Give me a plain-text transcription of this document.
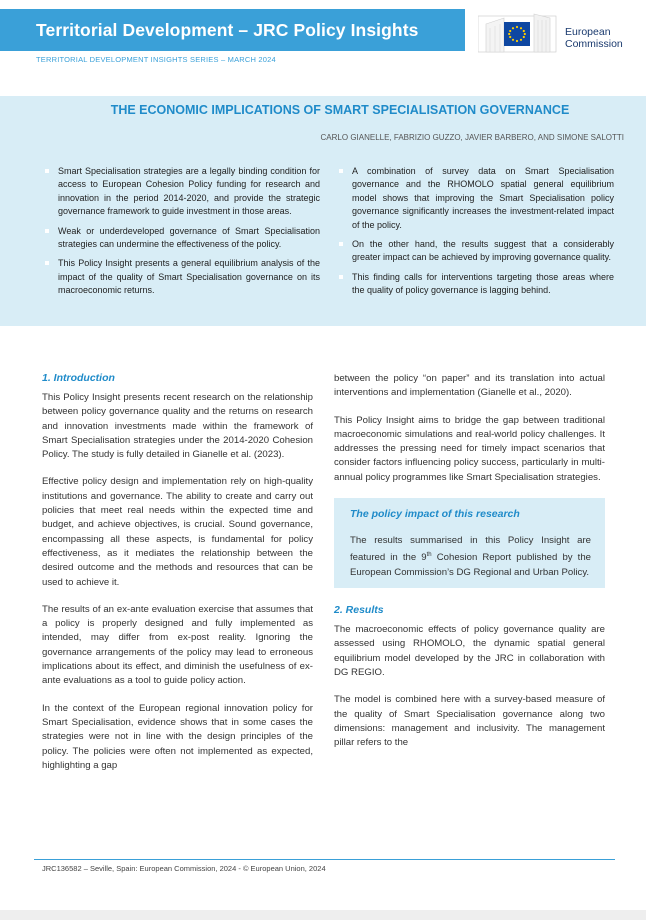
Territorial Development – JRC Policy Insights	European
Commission
TERRITORIAL DEVELOPMENT INSIGHTS SERIES – MARCH 2024
THE ECONOMIC IMPLICATIONS OF SMART SPECIALISATION GOVERNANCE
CARLO GIANELLE, FABRIZIO GUZZO, JAVIER BARBERO, AND SIMONE SALOTTI
Smart Specialisation strategies are a legally binding condition for access to European Cohesion Policy funding for research and innovation in the period 2014-2020, and provide the strategic governance framework to guide investment in those areas.
Weak or underdeveloped governance of Smart Specialisation strategies can undermine the effectiveness of the policy.
This Policy Insight presents a general equilibrium analysis of the impact of the quality of Smart Specialisation governance on its macroeconomic returns.
A combination of survey data on Smart Specialisation governance and the RHOMOLO spatial general equilibrium model shows that improving the Smart Specialisation policy governance significantly increases the investment-related impact of the policy.
On the other hand, the results suggest that a considerably greater impact can be achieved by improving governance quality.
This finding calls for interventions targeting those areas where the quality of policy governance is lagging behind.
1. Introduction

This Policy Insight presents recent research on the relationship between policy governance quality and the returns on research and innovation investments made within the framework of Smart Specialisation strategies under the 2014-2020 Cohesion Policy. The study is fully detailed in Gianelle et al. (2023).

Effective policy design and implementation rely on high-quality institutions and governance. The ability to create and carry out policies that meet real needs within the expected time and budget, and achieve objectives, is crucial. Sound governance, encompassing all these aspects, is fundamental for policy effectiveness, as it mediates the relationship between the desired outcome and the methods and resources that can be used to achieve it.

The results of an ex-ante evaluation exercise that assumes that a policy is properly designed and fully implemented as intended, may differ from ex-post reality. Ignoring the governance arrangements of the policy may lead to erroneous implications about its effect, and diminish the usefulness of ex-ante evaluations as a tool to guide policy action.

In the context of the European regional innovation policy for Smart Specialisation, evidence shows that in some cases the strategies were not in line with the design principles of the policy. The policies were often not implemented as expected, highlighting a gap

between the policy “on paper” and its translation into actual interventions and implementation (Gianelle et al., 2020).

This Policy Insight aims to bridge the gap between traditional macroeconomic simulations and real-world policy challenges. It addresses the pressing need for timely impact scenarios that consider factors influencing policy success, particularly in multi-annual policy programmes like Smart Specialisation strategies.

The policy impact of this research

The results summarised in this Policy Insight are featured in the 9th Cohesion Report published by the European Commission’s DG Regional and Urban Policy.

2. Results

The macroeconomic effects of policy governance quality are assessed using RHOMOLO, the dynamic spatial general equilibrium model developed by the JRC in collaboration with DG REGIO.

The model is combined here with a survey-based measure of the quality of Smart Specialisation governance along two dimensions: management and inclusivity. The management pillar refers to the

JRC136582 – Seville, Spain: European Commission, 2024 - © European Union, 2024
